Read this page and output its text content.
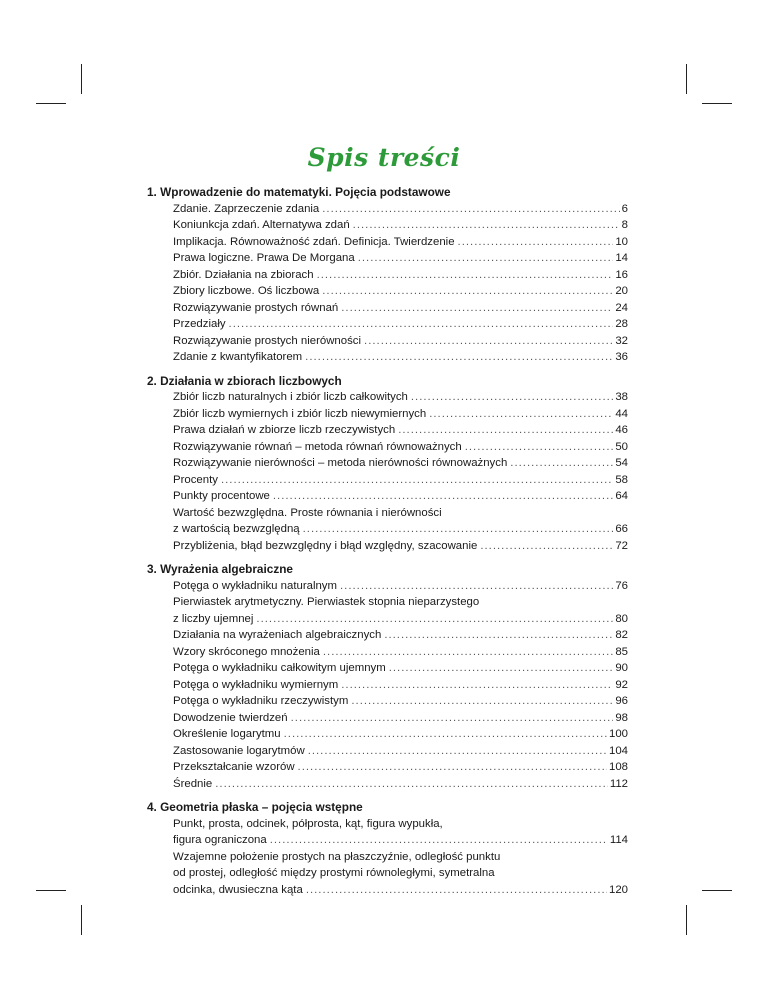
Spis treści
1. Wprowadzenie do matematyki. Pojęcia podstawowe
Zdanie. Zaprzeczenie zdania .....	6
Koniunkcja zdań. Alternatywa zdań .....	8
Implikacja. Równoważność zdań. Definicja. Twierdzenie .....	10
Prawa logiczne. Prawa De Morgana .....	14
Zbiór. Działania na zbiorach .....	16
Zbiory liczbowe. Oś liczbowa .....	20
Rozwiązywanie prostych równań .....	24
Przedziały .....	28
Rozwiązywanie prostych nierówności .....	32
Zdanie z kwantyfikatorem .....	36
2. Działania w zbiorach liczbowych
Zbiór liczb naturalnych i zbiór liczb całkowitych .....	38
Zbiór liczb wymiernych i zbiór liczb niewymiernych .....	44
Prawa działań w zbiorze liczb rzeczywistych .....	46
Rozwiązywanie równań – metoda równań równoważnych .....	50
Rozwiązywanie nierówności – metoda nierówności równoważnych .....	54
Procenty .....	58
Punkty procentowe .....	64
Wartość bezwzględna. Proste równania i nierówności
z wartością bezwzględną .....	66
Przybliżenia, błąd bezwzględny i błąd względny, szacowanie .....	72
3. Wyrażenia algebraiczne
Potęga o wykładniku naturalnym .....	76
Pierwiastek arytmetyczny. Pierwiastek stopnia nieparzystego
z liczby ujemnej .....	80
Działania na wyrażeniach algebraicznych .....	82
Wzory skróconego mnożenia .....	85
Potęga o wykładniku całkowitym ujemnym .....	90
Potęga o wykładniku wymiernym .....	92
Potęga o wykładniku rzeczywistym .....	96
Dowodzenie twierdzeń .....	98
Określenie logarytmu .....	100
Zastosowanie logarytmów .....	104
Przekształcanie wzorów .....	108
Średnie .....	112
4. Geometria płaska – pojęcia wstępne
Punkt, prosta, odcinek, półprosta, kąt, figura wypukła,
figura ograniczona .....	114
Wzajemne położenie prostych na płaszczyźnie, odległość punktu
od prostej, odległość między prostymi równoległymi, symetralna
odcinka, dwusieczna kąta .....	120
